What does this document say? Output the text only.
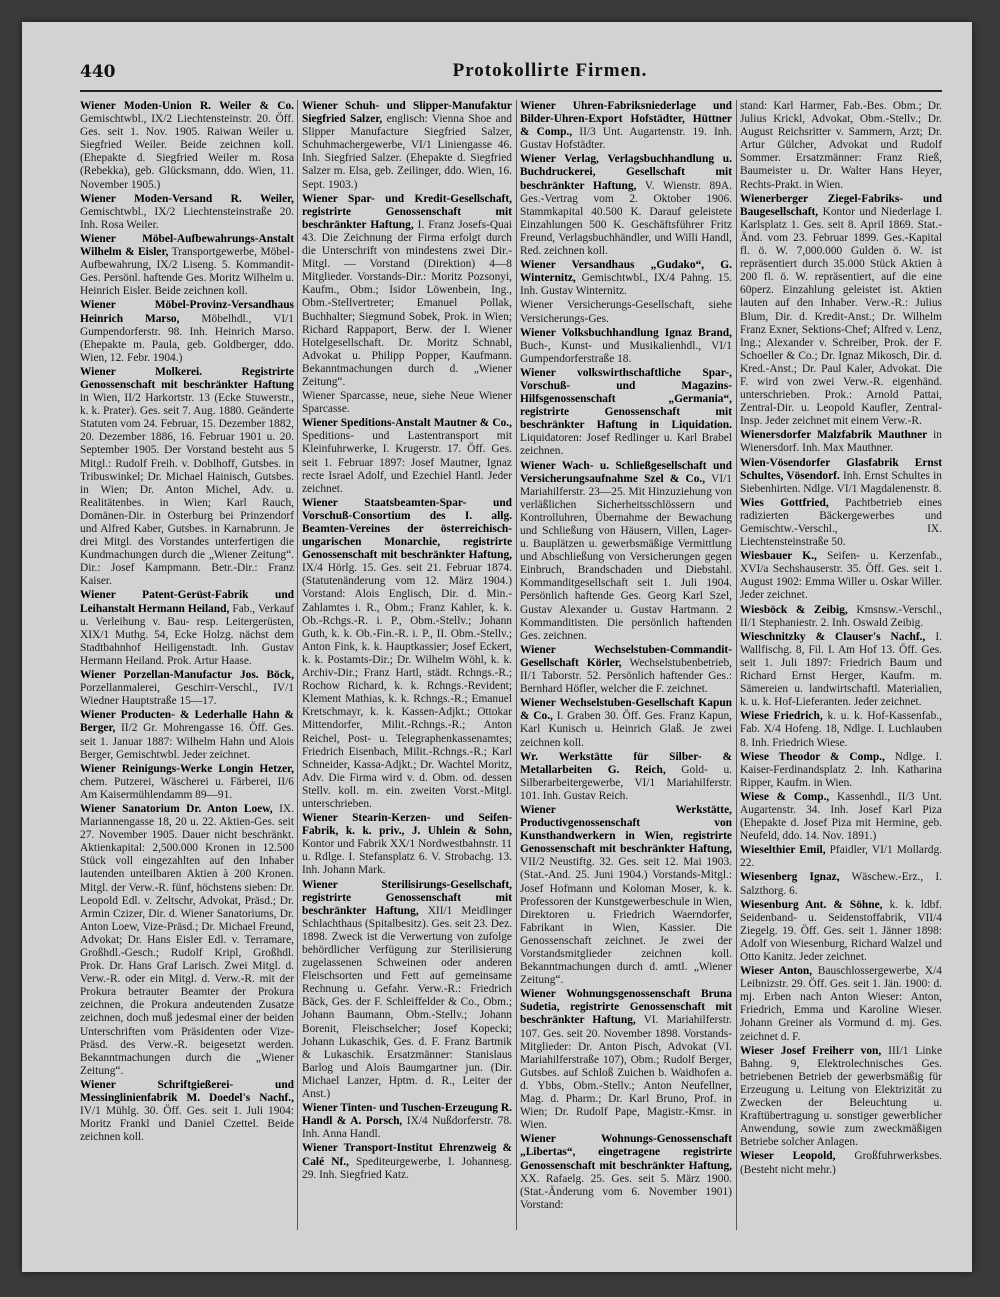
440	Protokollirte Firmen.

Wiener Moden-Union R. Weiler & Co. Gemischtwbl., IX/2 Liechtensteinstr. 20. Öff. Ges. seit 1. Nov. 1905. Raiwan Weiler u. Siegfried Weiler. Beide zeichnen koll. (Ehepakte d. Siegfried Weiler m. Rosa (Rebekka), geb. Glücksmann, ddo. Wien, 11. November 1905.)

Wiener Moden-Versand R. Weiler, Gemischtwbl., IX/2 Liechtensteinstraße 20. Inh. Rosa Weiler.

Wiener Möbel-Aufbewahrungs-Anstalt Wilhelm & Eisler, Transportgewerbe, Möbel-Aufbewahrung, IX/2 Liseng. 5. Kommandit-Ges. Persönl. haftende Ges. Moritz Wilhelm u. Heinrich Eisler. Beide zeichnen koll.

Wiener Möbel-Provinz-Versandhaus Heinrich Marso, Möbelhdl., VI/1 Gumpendorferstr. 98. Inh. Heinrich Marso. (Ehepakte m. Paula, geb. Goldberger, ddo. Wien, 12. Febr. 1904.)

Wiener Molkerei. Registrirte Genossenschaft mit beschränkter Haftung in Wien, II/2 Harkortstr. 13 (Ecke Stuwerstr., k. k. Prater). Ges. seit 7. Aug. 1880. Geänderte Statuten vom 24. Februar, 15. Dezember 1882, 20. Dezember 1886, 16. Februar 1901 u. 20. September 1905. Der Vorstand besteht aus 5 Mitgl.: Rudolf Freih. v. Doblhoff, Gutsbes. in Tribuswinkel; Dr. Michael Hainisch, Gutsbes. in Wien; Dr. Anton Michel, Adv. u. Realitätenbes. in Wien; Karl Rauch, Domänen-Dir. in Osterburg bei Prinzendorf und Alfred Kaber, Gutsbes. in Karnabrunn. Je drei Mitgl. des Vorstandes unterfertigen die Kundmachungen durch die „Wiener Zeitung“. Dir.: Josef Kampmann. Betr.-Dir.: Franz Kaiser.

Wiener Patent-Gerüst-Fabrik und Leihanstalt Hermann Heiland, Fab., Verkauf u. Verleihung v. Bau- resp. Leitergerüsten, XIX/1 Muthg. 54, Ecke Holzg. nächst dem Stadtbahnhof Heiligenstadt. Inh. Gustav Hermann Heiland. Prok. Artur Haase.

Wiener Porzellan-Manufactur Jos. Böck, Porzellanmalerei, Geschirr-Verschl., IV/1 Wiedner Hauptstraße 15—17.

Wiener Producten- & Lederhalle Hahn & Berger, II/2 Gr. Mohrengasse 16. Öff. Ges. seit 1. Januar 1887: Wilhelm Hahn und Alois Berger, Gemischtwbl. Jeder zeichnet.

Wiener Reinigungs-Werke Longin Hetzer, chem. Putzerei, Wäscherei u. Färberei, II/6 Am Kaisermühlendamm 89—91.

Wiener Sanatorium Dr. Anton Loew, IX. Mariannengasse 18, 20 u. 22. Aktien-Ges. seit 27. November 1905. Dauer nicht beschränkt. Aktienkapital: 2,500.000 Kronen in 12.500 Stück voll eingezahlten auf den Inhaber lautenden unteilbaren Aktien à 200 Kronen. Mitgl. der Verw.-R. fünf, höchstens sieben: Dr. Leopold Edl. v. Zeltschr, Advokat, Präsd.; Dr. Armin Czizer, Dir. d. Wiener Sanatoriums, Dr. Anton Loew, Vize-Präsd.; Dr. Michael Freund, Advokat; Dr. Hans Eisler Edl. v. Terramare, Großhdl.-Gesch.; Rudolf Kripl, Großhdl. Prok. Dr. Hans Graf Larisch. Zwei Mitgl. d. Verw.-R. oder ein Mitgl. d. Verw.-R. mit der Prokura betrauter Beamter der Prokura zeichnen, die Prokura andeutenden Zusatze zeichnen, doch muß jedesmal einer der beiden Unterschriften vom Präsidenten oder Vize-Präsd. des Verw.-R. beigesetzt werden. Bekanntmachungen durch die „Wiener Zeitung“.

Wiener Schriftgießerei- und Messinglinienfabrik M. Doedel's Nachf., IV/1 Mühlg. 30. Öff. Ges. seit 1. Juli 1904: Moritz Frankl und Daniel Czettel. Beide zeichnen koll.

Wiener Schuh- und Slipper-Manufaktur Siegfried Salzer, englisch: Vienna Shoe and Slipper Manufacture Siegfried Salzer, Schuhmachergewerbe, VI/1 Liniengasse 46. Inh. Siegfried Salzer. (Ehepakte d. Siegfried Salzer m. Elsa, geb. Zeilinger, ddo. Wien, 16. Sept. 1903.)

Wiener Spar- und Kredit-Gesellschaft, registrirte Genossenschaft mit beschränkter Haftung, I. Franz Josefs-Quai 43. Die Zeichnung der Firma erfolgt durch die Unterschrift von mindestens zwei Dir.-Mitgl. — Vorstand (Direktion) 4—8 Mitglieder. Vorstands-Dir.: Moritz Pozsonyi, Kaufm., Obm.; Isidor Löwenbein, Ing., Obm.-Stellvertreter; Emanuel Pollak, Buchhalter; Siegmund Sobek, Prok. in Wien; Richard Rappaport, Berw. der I. Wiener Hotelgesellschaft. Dr. Moritz Schnabl, Advokat u. Philipp Popper, Kaufmann. Bekanntmachungen durch d. „Wiener Zeitung“.

Wiener Sparcasse, neue, siehe Neue Wiener Sparcasse.

Wiener Speditions-Anstalt Mautner & Co., Speditions- und Lastentransport mit Kleinfuhrwerke, I. Krugerstr. 17. Öff. Ges. seit 1. Februar 1897: Josef Mautner, Ignaz recte Israel Adolf, und Ezechiel Hantl. Jeder zeichnet.

Wiener Staatsbeamten-Spar- und Vorschuß-Consortium des I. allg. Beamten-Vereines der österreichisch-ungarischen Monarchie, registrirte Genossenschaft mit beschränkter Haftung, IX/4 Hörlg. 15. Ges. seit 21. Februar 1874. (Statutenänderung vom 12. März 1904.) Vorstand: Alois Englisch, Dir. d. Min.-Zahlamtes i. R., Obm.; Franz Kahler, k. k. Ob.-Rchgs.-R. i. P., Obm.-Stellv.; Johann Guth, k. k. Ob.-Fin.-R. i. P., II. Obm.-Stellv.; Anton Fink, k. k. Hauptkassier; Josef Eckert, k. k. Postamts-Dir.; Dr. Wilhelm Wöhl, k. k. Archiv-Dir.; Franz Hartl, städt. Rchngs.-R.; Rochow Richard, k. k. Rchngs.-Revident; Klement Mathias, k. k. Rchngs.-R.; Emanuel Kretschmayr, k. k. Kassen-Adjkt.; Ottokar Mittendorfer, Milit.-Rchngs.-R.; Anton Reichel, Post- u. Telegraphenkassenamtes; Friedrich Eisenbach, Milit.-Rchngs.-R.; Karl Schneider, Kassa-Adjkt.; Dr. Wachtel Moritz, Adv. Die Firma wird v. d. Obm. od. dessen Stellv. koll. m. ein. zweiten Vorst.-Mitgl. unterschrieben.

Wiener Stearin-Kerzen- und Seifen-Fabrik, k. k. priv., J. Uhlein & Sohn, Kontor und Fabrik XX/1 Nordwestbahnstr. 11 u. Rdlge. I. Stefansplatz 6. V. Strobachg. 13. Inh. Johann Mark.

Wiener Sterilisirungs-Gesellschaft, registrirte Genossenschaft mit beschränkter Haftung, XII/1 Meidlinger Schlachthaus (Spitalbesitz). Ges. seit 23. Dez. 1898. Zweck ist die Verwertung von zufolge behördlicher Verfügung zur Sterilisierung zugelassenen Schweinen oder anderen Fleischsorten und Fett auf gemeinsame Rechnung u. Gefahr. Verw.-R.: Friedrich Bäck, Ges. der F. Schleiffelder & Co., Obm.; Johann Baumann, Obm.-Stellv.; Johann Borenit, Fleischselcher; Josef Kopecki; Johann Lukaschik, Ges. d. F. Franz Bartmik & Lukaschik. Ersatzmänner: Stanislaus Barlog und Alois Baumgartner jun. (Dir. Michael Lanzer, Hptm. d. R., Leiter der Anst.)

Wiener Tinten- und Tuschen-Erzeugung R. Handl & A. Porsch, IX/4 Nußdorferstr. 78. Inh. Anna Handl.

Wiener Transport-Institut Ehrenzweig & Calé Nf., Spediteurgewerbe, I. Johannesg. 29. Inh. Siegfried Katz.

Wiener Uhren-Fabriksniederlage und Bilder-Uhren-Export Hofstädter, Hüttner & Comp., II/3 Unt. Augartenstr. 19. Inh. Gustav Hofstädter.

Wiener Verlag, Verlagsbuchhandlung u. Buchdruckerei, Gesellschaft mit beschränkter Haftung, V. Wienstr. 89A. Ges.-Vertrag vom 2. Oktober 1906. Stammkapital 40.500 K. Darauf geleistete Einzahlungen 500 K. Geschäftsführer Fritz Freund, Verlagsbuchhändler, und Willi Handl, Red. zeichnen koll.

Wiener Versandhaus „Gudako“, G. Winternitz, Gemischtwbl., IX/4 Pahng. 15. Inh. Gustav Winternitz.

Wiener Versicherungs-Gesellschaft, siehe Versicherungs-Ges.

Wiener Volksbuchhandlung Ignaz Brand, Buch-, Kunst- und Musikalienhdl., VI/1 Gumpendorferstraße 18.

Wiener volkswirthschaftliche Spar-, Vorschuß- und Magazins-Hilfsgenossenschaft „Germania“, registrirte Genossenschaft mit beschränkter Haftung in Liquidation. Liquidatoren: Josef Redlinger u. Karl Brabel zeichnen.

Wiener Wach- u. Schließgesellschaft und Versicherungsaufnahme Szel & Co., VI/1 Mariahilferstr. 23—25. Mit Hinzuziehung von verläßlichen Sicherheitsschlössern und Kontrolluhren, Übernahme der Bewachung und Schließung von Häusern, Villen, Lager- u. Bauplätzen u. gewerbsmäßige Vermittlung und Abschließung von Versicherungen gegen Einbruch, Brandschaden und Diebstahl. Kommanditgesellschaft seit 1. Juli 1904. Persönlich haftende Ges. Georg Karl Szel, Gustav Alexander u. Gustav Hartmann. 2 Kommanditisten. Die persönlich haftenden Ges. zeichnen.

Wiener Wechselstuben-Commandit-Gesellschaft Körler, Wechselstubenbetrieb, II/1 Taborstr. 52. Persönlich haftender Ges.: Bernhard Höfler, welcher die F. zeichnet.

Wiener Wechselstuben-Gesellschaft Kapun & Co., I. Graben 30. Öff. Ges. Franz Kapun, Karl Kunisch u. Heinrich Glaß. Je zwei zeichnen koll.

Wr. Werkstätte für Silber- & Metallarbeiten G. Reich, Gold- u. Silberarbeitergewerbe, VI/1 Mariahilferstr. 101. Inh. Gustav Reich.

Wiener Werkstätte, Productivgenossenschaft von Kunsthandwerkern in Wien, registrirte Genossenschaft mit beschränkter Haftung, VII/2 Neustiftg. 32. Ges. seit 12. Mai 1903. (Stat.-And. 25. Juni 1904.) Vorstands-Mitgl.: Josef Hofmann und Koloman Moser, k. k. Professoren der Kunstgewerbeschule in Wien, Direktoren u. Friedrich Waerndorfer, Fabrikant in Wien, Kassier. Die Genossenschaft zeichnet. Je zwei der Vorstandsmitglieder zeichnen koll. Bekanntmachungen durch d. amtl. „Wiener Zeitung“.

Wiener Wohnungsgenossenschaft Bruna Sudetia, registrirte Genossenschaft mit beschränkter Haftung, VI. Mariahilferstr. 107. Ges. seit 20. November 1898. Vorstands-Mitglieder: Dr. Anton Pisch, Advokat (VI. Mariahilferstraße 107), Obm.; Rudolf Berger, Gutsbes. auf Schloß Zuichen b. Waidhofen a. d. Ybbs, Obm.-Stellv.; Anton Neufellner, Mag. d. Pharm.; Dr. Karl Bruno, Prof. in Wien; Dr. Rudolf Pape, Magistr.-Kmsr. in Wien.

Wiener Wohnungs-Genossenschaft „Libertas“, eingetragene registrirte Genossenschaft mit beschränkter Haftung, XX. Rafaelg. 25. Ges. seit 5. März 1900. (Stat.-Änderung vom 6. November 1901) Vorstand:

stand: Karl Harmer, Fab.-Bes. Obm.; Dr. Julius Krickl, Advokat, Obm.-Stellv.; Dr. August Reichsritter v. Sammern, Arzt; Dr. Artur Gülcher, Advokat und Rudolf Sommer. Ersatzmänner: Franz Rieß, Baumeister u. Dr. Walter Hans Heyer, Rechts-Prakt. in Wien.

Wienerberger Ziegel-Fabriks- und Baugesellschaft, Kontor und Niederlage I. Karlsplatz 1. Ges. seit 8. April 1869. Stat.-Änd. vom 23. Februar 1899. Ges.-Kapital fl. ö. W. 7,000.000 Gulden ö. W. ist repräsentiert durch 35.000 Stück Aktien à 200 fl. ö. W. repräsentiert, auf die eine 60perz. Einzahlung geleistet ist. Aktien lauten auf den Inhaber. Verw.-R.: Julius Blum, Dir. d. Kredit-Anst.; Dr. Wilhelm Franz Exner, Sektions-Chef; Alfred v. Lenz, Ing.; Alexander v. Schreiber, Prok. der F. Schoeller & Co.; Dr. Ignaz Mikosch, Dir. d. Kred.-Anst.; Dr. Paul Kaler, Advokat. Die F. wird von zwei Verw.-R. eigenhänd. unterschrieben. Prok.: Arnold Pattai, Zentral-Dir. u. Leopold Kaufler, Zentral-Insp. Jeder zeichnet mit einem Verw.-R.

Wienersdorfer Malzfabrik Mauthner in Wienersdorf. Inh. Max Mauthner.

Wien-Vösendorfer Glasfabrik Ernst Schultes, Vösendorf. Inh. Ernst Schultes in Siebenhirten. Ndlge. VI/1 Magdalenenstr. 8.

Wies Gottfried, Pachtbetrieb eines radizierten Bäckergewerbes und Gemischtw.-Verschl., IX. Liechtensteinstraße 50.

Wiesbauer K., Seifen- u. Kerzenfab., XVI/a Sechshauserstr. 35. Öff. Ges. seit 1. August 1902: Emma Willer u. Oskar Willer. Jeder zeichnet.

Wiesböck & Zeibig, Kmsnsw.-Verschl., II/1 Stephaniestr. 2. Inh. Oswald Zeibig.

Wieschnitzky & Clauser's Nachf., I. Wallfischg. 8, Fil. I. Am Hof 13. Öff. Ges. seit 1. Juli 1897: Friedrich Baum und Richard Ernst Herger, Kaufm. m. Sämereien u. landwirtschaftl. Materialien, k. u. k. Hof-Lieferanten. Jeder zeichnet.

Wiese Friedrich, k. u. k. Hof-Kassenfab., Fab. X/4 Hofeng. 18, Ndlge. I. Luchlauben 8. Inh. Friedrich Wiese.

Wiese Theodor & Comp., Ndlge. I. Kaiser-Ferdinandsplatz 2. Inh. Katharina Ripper, Kaufm. in Wien.

Wiese & Comp., Kassenhdl., II/3 Unt. Augartenstr. 34. Inh. Josef Karl Piza (Ehepakte d. Josef Piza mit Hermine, geb. Neufeld, ddo. 14. Nov. 1891.)

Wieselthier Emil, Pfaidler, VI/1 Mollardg. 22.

Wiesenberg Ignaz, Wäschew.-Erz., I. Salzthorg. 6.

Wiesenburg Ant. & Söhne, k. k. ldbf. Seidenband- u. Seidenstoffabrik, VII/4 Ziegelg. 19. Öff. Ges. seit 1. Jänner 1898: Adolf von Wiesenburg, Richard Walzel und Otto Kanitz. Jeder zeichnet.

Wieser Anton, Bauschlossergewerbe, X/4 Leibnizstr. 29. Öff. Ges. seit 1. Jän. 1900: d. mj. Erben nach Anton Wieser: Anton, Friedrich, Emma und Karoline Wieser. Johann Greiner als Vormund d. mj. Ges. zeichnet d. F.

Wieser Josef Freiherr von, III/1 Linke Bahng. 9, Elektrolechnisches Ges. betriebenen Betrieb der gewerbsmäßig für Erzeugung u. Leitung von Elektrizität zu Zwecken der Beleuchtung u. Kraftübertragung u. sonstiger gewerblicher Anwendung, sowie zum zweckmäßigen Betriebe solcher Anlagen.

Wieser Leopold, Großfuhrwerksbes. (Besteht nicht mehr.)
